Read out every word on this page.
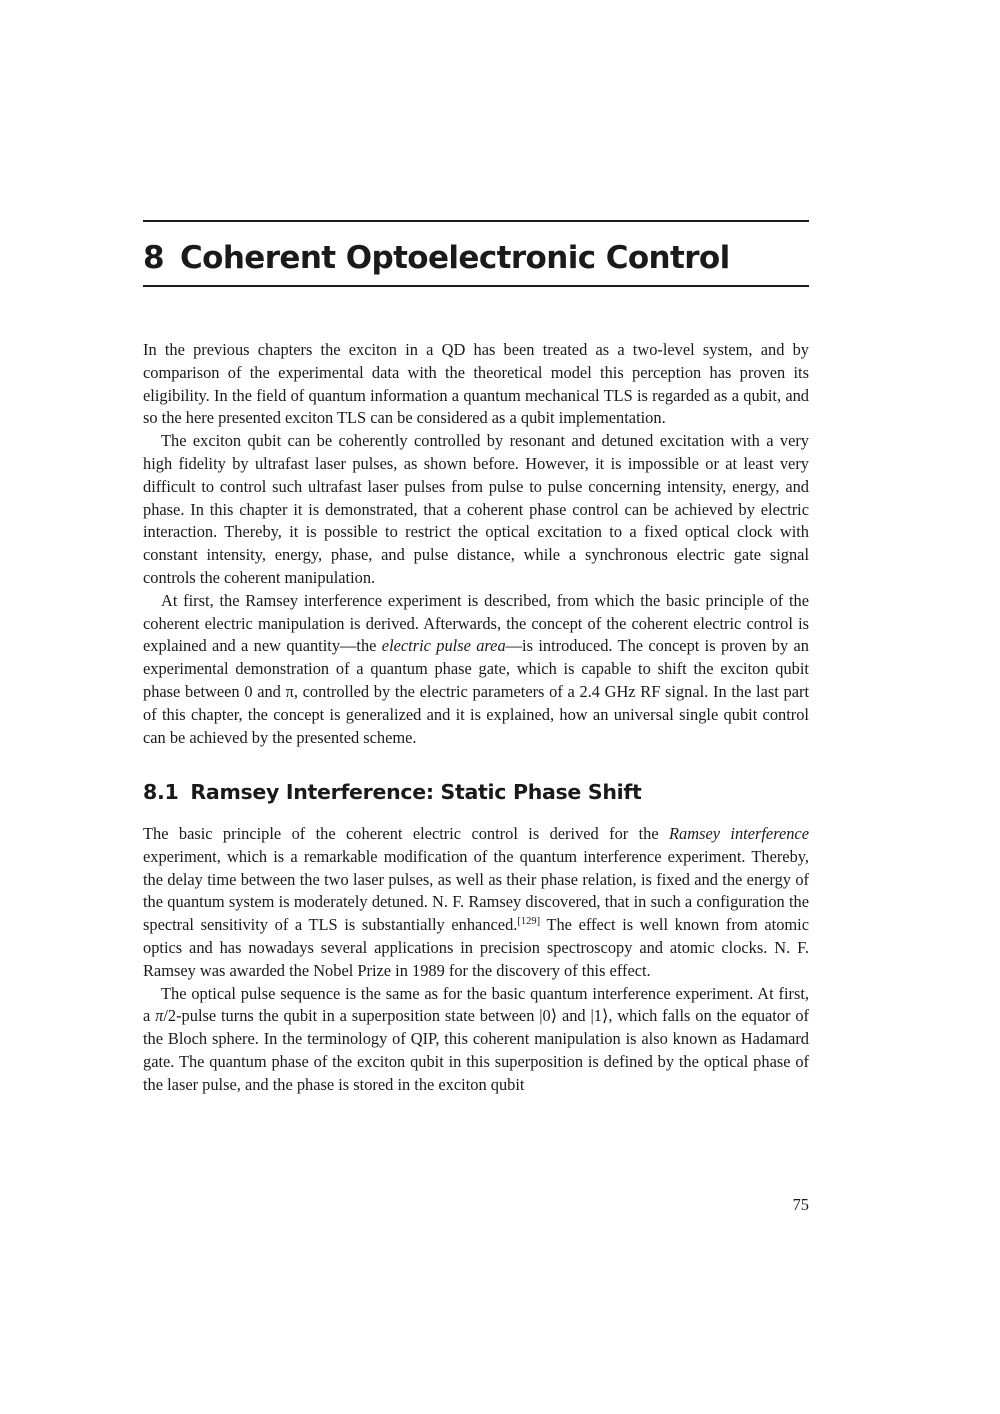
8 Coherent Optoelectronic Control

In the previous chapters the exciton in a QD has been treated as a two-level system, and by comparison of the experimental data with the theoretical model this perception has proven its eligibility. In the field of quantum information a quantum mechanical TLS is regarded as a qubit, and so the here presented exciton TLS can be considered as a qubit implementation.

The exciton qubit can be coherently controlled by resonant and detuned excitation with a very high fidelity by ultrafast laser pulses, as shown before. However, it is impossible or at least very difficult to control such ultrafast laser pulses from pulse to pulse concerning intensity, energy, and phase. In this chapter it is demonstrated, that a coherent phase control can be achieved by electric interaction. Thereby, it is possible to restrict the optical excitation to a fixed optical clock with constant intensity, energy, phase, and pulse distance, while a synchronous electric gate signal controls the coherent manipulation.

At first, the Ramsey interference experiment is described, from which the basic principle of the coherent electric manipulation is derived. Afterwards, the concept of the coherent electric control is explained and a new quantity—the electric pulse area—is introduced. The concept is proven by an experimental demonstration of a quantum phase gate, which is capable to shift the exciton qubit phase between 0 and π, controlled by the electric parameters of a 2.4 GHz RF signal. In the last part of this chapter, the concept is generalized and it is explained, how an universal single qubit control can be achieved by the presented scheme.

8.1 Ramsey Interference: Static Phase Shift

The basic principle of the coherent electric control is derived for the Ramsey interference experiment, which is a remarkable modification of the quantum interference experiment. Thereby, the delay time between the two laser pulses, as well as their phase relation, is fixed and the energy of the quantum system is moderately detuned. N. F. Ramsey discovered, that in such a configuration the spectral sensitivity of a TLS is substantially enhanced.[129] The effect is well known from atomic optics and has nowadays several applications in precision spectroscopy and atomic clocks. N. F. Ramsey was awarded the Nobel Prize in 1989 for the discovery of this effect.

The optical pulse sequence is the same as for the basic quantum interference experiment. At first, a π/2-pulse turns the qubit in a superposition state between |0⟩ and |1⟩, which falls on the equator of the Bloch sphere. In the terminology of QIP, this coherent manipulation is also known as Hadamard gate. The quantum phase of the exciton qubit in this superposition is defined by the optical phase of the laser pulse, and the phase is stored in the exciton qubit

75
